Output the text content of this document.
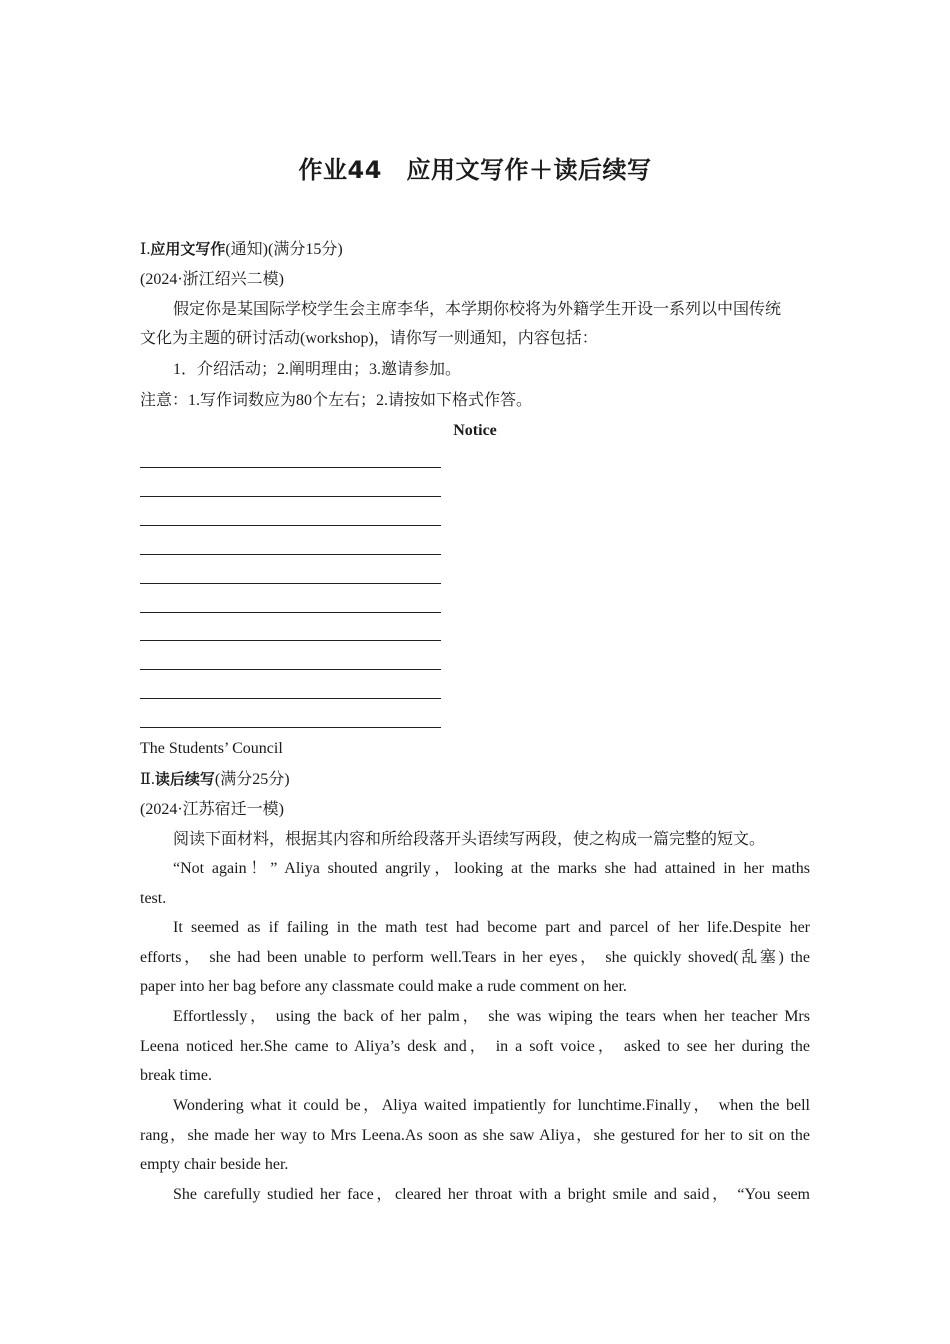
作业44　应用文写作＋读后续写
Ⅰ.应用文写作(通知)(满分15分)
(2024·浙江绍兴二模)
假定你是某国际学校学生会主席李华，本学期你校将为外籍学生开设一系列以中国传统
文化为主题的研讨活动(workshop)，请你写一则通知，内容包括：
1．介绍活动；2.阐明理由；3.邀请参加。
注意：1.写作词数应为80个左右；2.请按如下格式作答。
Notice
The Students’ Council
Ⅱ.读后续写(满分25分)
(2024·江苏宿迁一模)
阅读下面材料，根据其内容和所给段落开头语续写两段，使之构成一篇完整的短文。
“Not again！” Aliya shouted angrily，looking at the marks she had attained in her maths
test.
It seemed as if failing in the math test had become part and parcel of her life.Despite her
efforts， she had been unable to perform well.Tears in her eyes， she quickly shoved(乱塞) the
paper into her bag before any classmate could make a rude comment on her.
Effortlessly， using the back of her palm， she was wiping the tears when her teacher Mrs
Leena noticed her.She came to Aliya’s desk and， in a soft voice， asked to see her during the
break time.
Wondering what it could be，Aliya waited impatiently for lunchtime.Finally， when the bell
rang，she made her way to Mrs Leena.As soon as she saw Aliya，she gestured for her to sit on the
empty chair beside her.
She carefully studied her face，cleared her throat with a bright smile and said， “You seem
